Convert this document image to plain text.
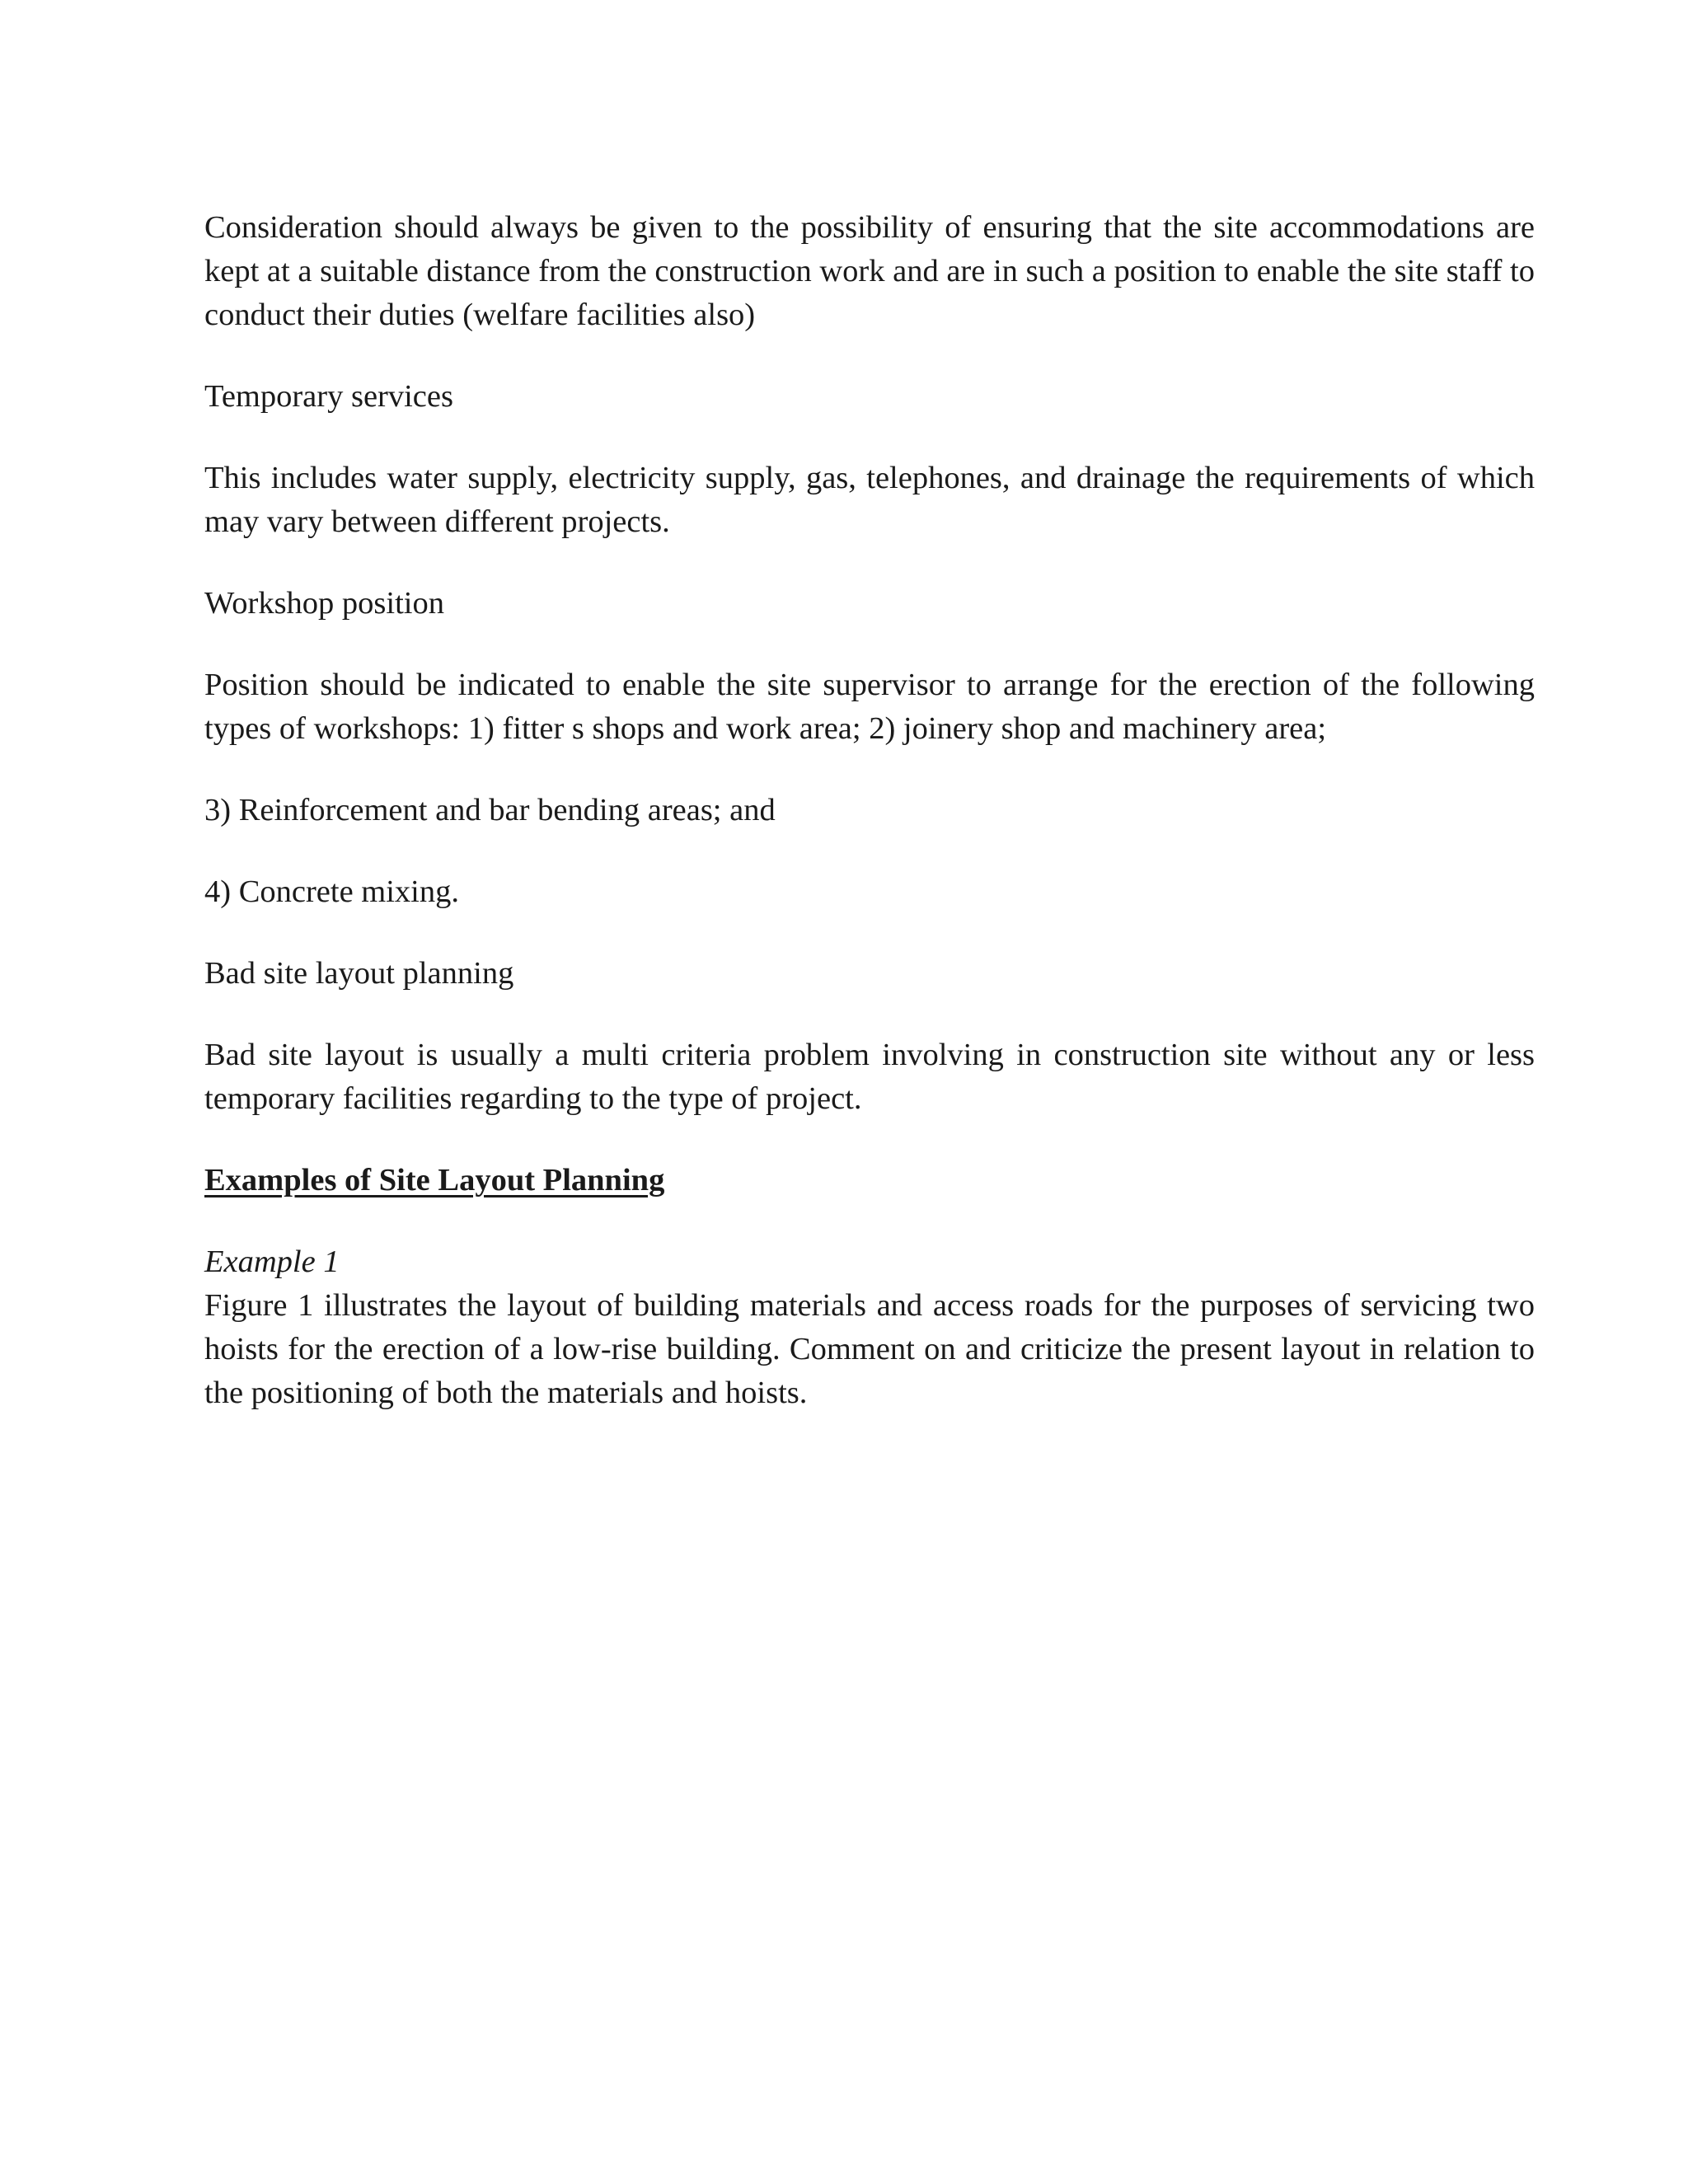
Consideration should always be given to the possibility of ensuring that the site accommodations are kept at a suitable distance from the construction work and are in such a position to enable the site staff to conduct their duties (welfare facilities also)

Temporary services

This includes water supply, electricity supply, gas, telephones, and drainage the requirements of which may vary between different projects.

Workshop position

Position should be indicated to enable the site supervisor to arrange for the erection of the following types of workshops: 1) fitter s shops and work area; 2) joinery shop and machinery area;

3) Reinforcement and bar bending areas; and

4) Concrete mixing.

Bad site layout planning

Bad site layout is usually a multi criteria problem involving in construction site without any or less temporary facilities regarding to the type of project.

Examples of Site Layout Planning

Example 1

Figure 1 illustrates the layout of building materials and access roads for the purposes of servicing two hoists for the erection of a low-rise building. Comment on and criticize the present layout in relation to the positioning of both the materials and hoists.
